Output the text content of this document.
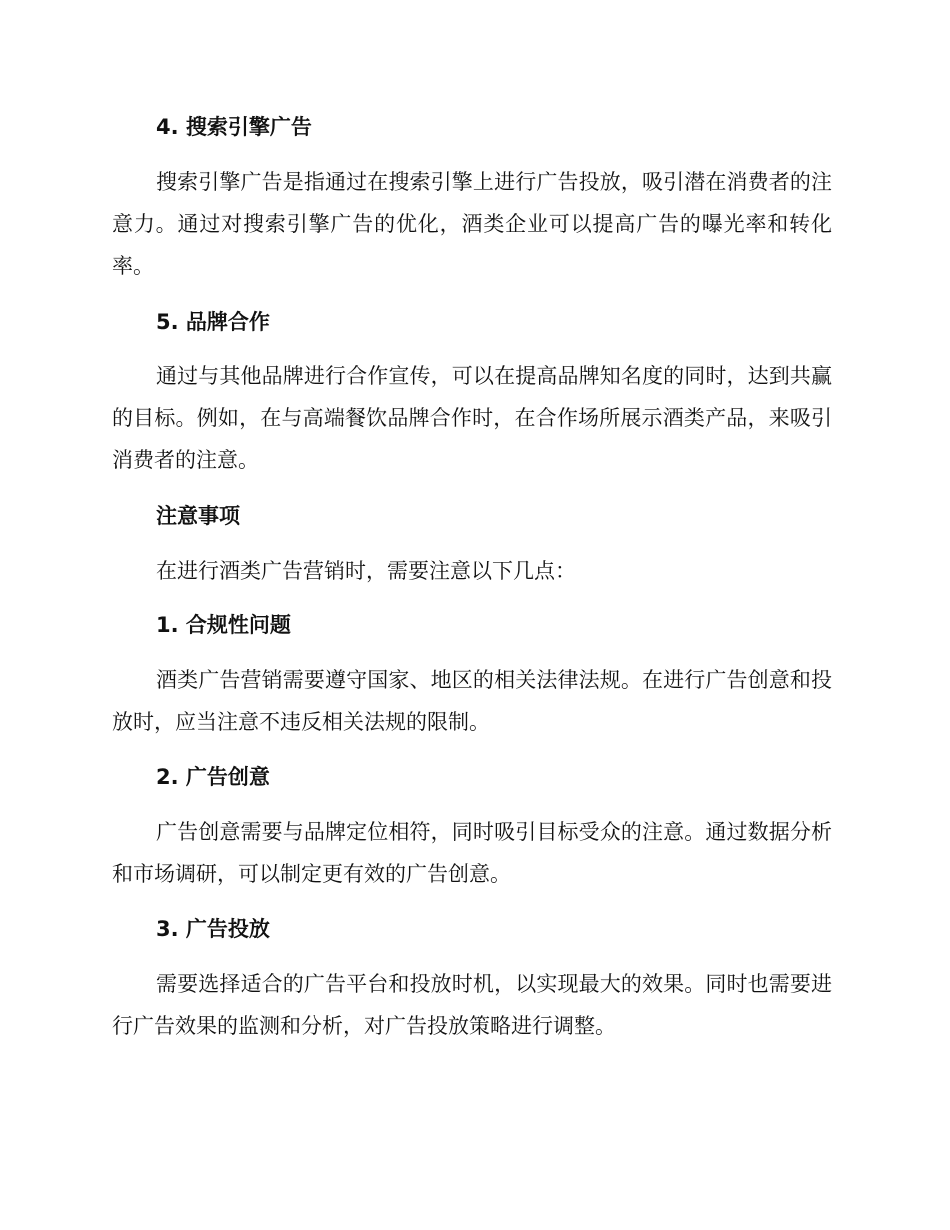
4. 搜索引擎广告

搜索引擎广告是指通过在搜索引擎上进行广告投放，吸引潜在消费者的注意力。通过对搜索引擎广告的优化，酒类企业可以提高广告的曝光率和转化率。

5. 品牌合作

通过与其他品牌进行合作宣传，可以在提高品牌知名度的同时，达到共赢的目标。例如，在与高端餐饮品牌合作时，在合作场所展示酒类产品，来吸引消费者的注意。

注意事项

在进行酒类广告营销时，需要注意以下几点：

1. 合规性问题

酒类广告营销需要遵守国家、地区的相关法律法规。在进行广告创意和投放时，应当注意不违反相关法规的限制。

2. 广告创意

广告创意需要与品牌定位相符，同时吸引目标受众的注意。通过数据分析和市场调研，可以制定更有效的广告创意。

3. 广告投放

需要选择适合的广告平台和投放时机，以实现最大的效果。同时也需要进行广告效果的监测和分析，对广告投放策略进行调整。
